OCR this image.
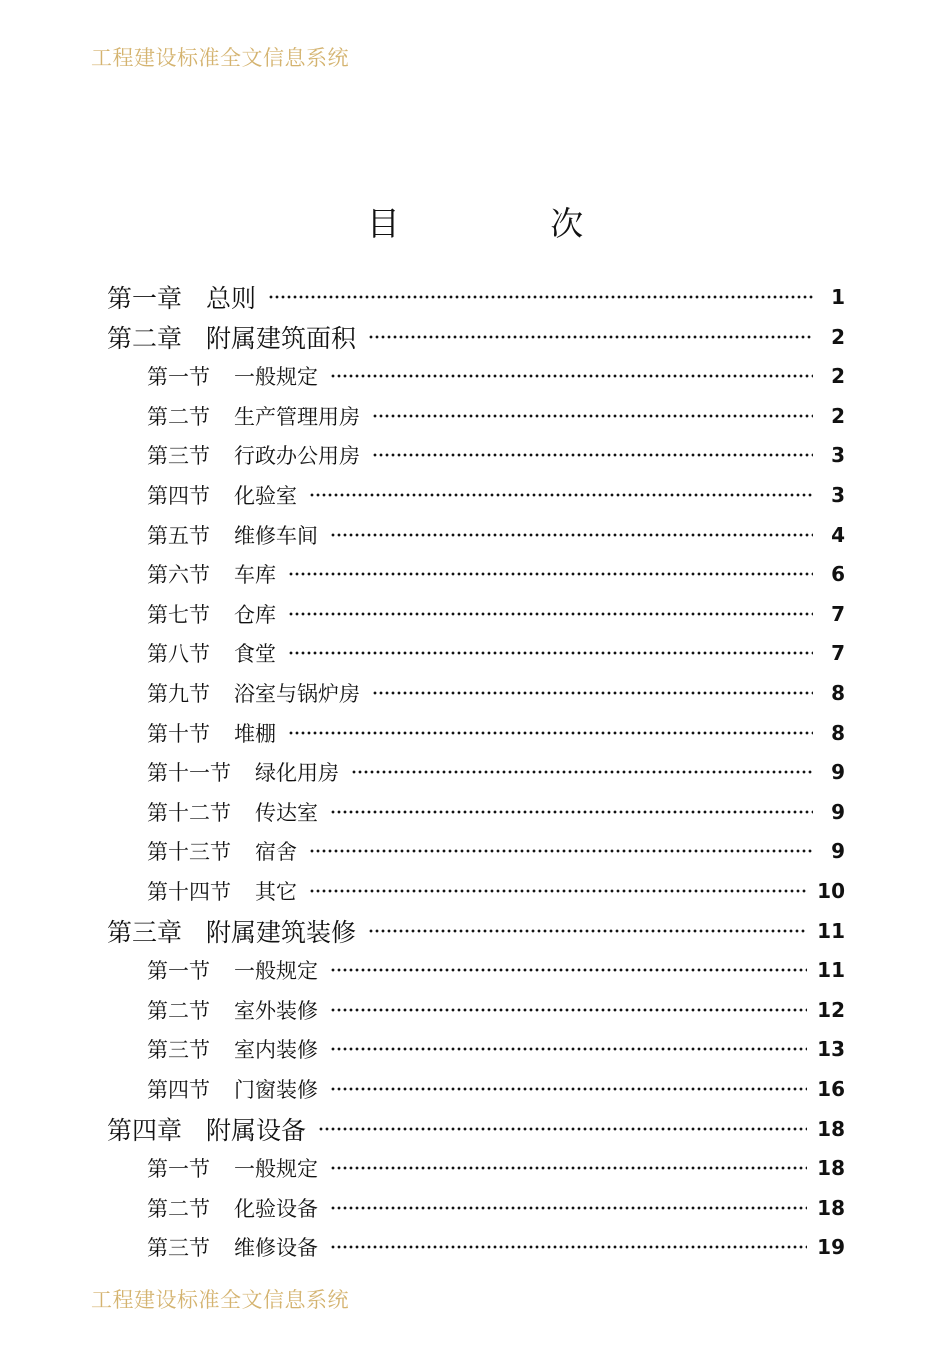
工程建设标准全文信息系统
目 次
第一章 总则	1
第二章 附属建筑面积	2
第一节 一般规定	2
第二节 生产管理用房	2
第三节 行政办公用房	3
第四节 化验室	3
第五节 维修车间	4
第六节 车库	6
第七节 仓库	7
第八节 食堂	7
第九节 浴室与锅炉房	8
第十节 堆棚	8
第十一节 绿化用房	9
第十二节 传达室	9
第十三节 宿舍	9
第十四节 其它	10
第三章 附属建筑装修	11
第一节 一般规定	11
第二节 室外装修	12
第三节 室内装修	13
第四节 门窗装修	16
第四章 附属设备	18
第一节 一般规定	18
第二节 化验设备	18
第三节 维修设备	19
工程建设标准全文信息系统
